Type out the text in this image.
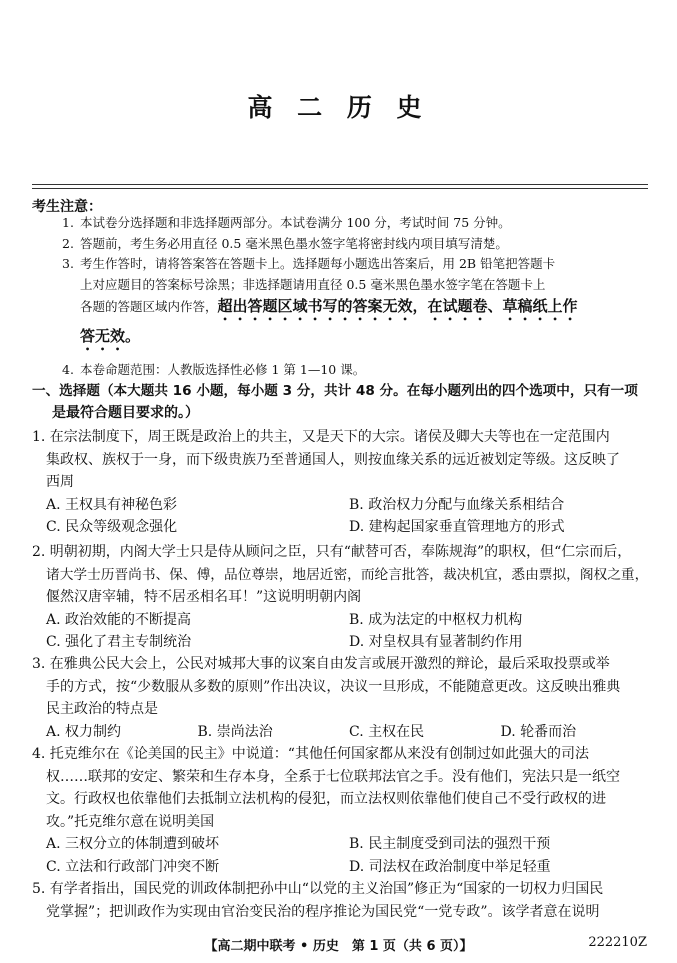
高 二 历 史
考生注意：
1. 本试卷分选择题和非选择题两部分。本试卷满分 100 分，考试时间 75 分钟。
2. 答题前，考生务必用直径 0.5 毫米黑色墨水签字笔将密封线内项目填写清楚。
3. 考生作答时，请将答案答在答题卡上。选择题每小题选出答案后，用 2B 铅笔把答题卡
上对应题目的答案标号涂黑；非选择题请用直径 0.5 毫米黑色墨水签字笔在答题卡上
各题的答题区域内作答，超出答题区域书写的答案无效，在试题卷、草稿纸上作
答无效。
4. 本卷命题范围：人教版选择性必修 1 第 1—10 课。
一、选择题（本大题共 16 小题，每小题 3 分，共计 48 分。在每小题列出的四个选项中，只有一项
是最符合题目要求的。）
1. 在宗法制度下，周王既是政治上的共主，又是天下的大宗。诸侯及卿大夫等也在一定范围内
集政权、族权于一身，而下级贵族乃至普通国人，则按血缘关系的远近被划定等级。这反映了
西周
A. 王权具有神秘色彩	B. 政治权力分配与血缘关系相结合
C. 民众等级观念强化	D. 建构起国家垂直管理地方的形式
2. 明朝初期，内阁大学士只是侍从顾问之臣，只有“献替可否，奉陈规海”的职权，但“仁宗而后，
诸大学士历晋尚书、保、傅，品位尊崇，地居近密，而纶言批答，裁决机宜，悉由票拟，阁权之重，
偃然汉唐宰辅，特不居丞相名耳！”这说明明朝内阁
A. 政治效能的不断提高	B. 成为法定的中枢权力机构
C. 强化了君主专制统治	D. 对皇权具有显著制约作用
3. 在雅典公民大会上，公民对城邦大事的议案自由发言或展开激烈的辩论，最后采取投票或举
手的方式，按“少数服从多数的原则”作出决议，决议一旦形成，不能随意更改。这反映出雅典
民主政治的特点是
A. 权力制约	B. 崇尚法治	C. 主权在民	D. 轮番而治
4. 托克维尔在《论美国的民主》中说道：“其他任何国家都从来没有创制过如此强大的司法
权……联邦的安定、繁荣和生存本身，全系于七位联邦法官之手。没有他们，宪法只是一纸空
文。行政权也依靠他们去抵制立法机构的侵犯，而立法权则依靠他们使自己不受行政权的进
攻。”托克维尔意在说明美国
A. 三权分立的体制遭到破坏	B. 民主制度受到司法的强烈干预
C. 立法和行政部门冲突不断	D. 司法权在政治制度中举足轻重
5. 有学者指出，国民党的训政体制把孙中山“以党的主义治国”修正为“国家的一切权力归国民
党掌握”；把训政作为实现由官治变民治的程序推论为国民党“一党专政”。该学者意在说明
【高二期中联考 • 历史　第 1 页（共 6 页）】	222210Z
